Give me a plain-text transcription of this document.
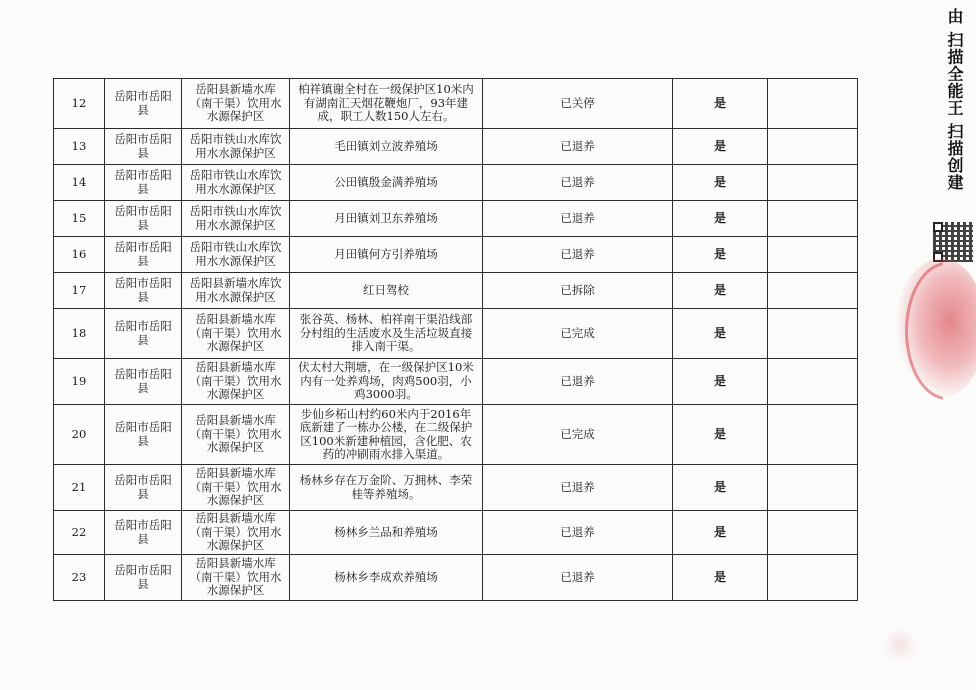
12	岳阳市岳阳县	岳阳县新墙水库（南干渠）饮用水水源保护区	柏祥镇谢全村在一级保护区10米内有湖南汇天烟花鞭炮厂，93年建成，职工人数150人左右。	已关停	是	
13	岳阳市岳阳县	岳阳市铁山水库饮用水水源保护区	毛田镇刘立波养殖场	已退养	是	
14	岳阳市岳阳县	岳阳市铁山水库饮用水水源保护区	公田镇殷金满养殖场	已退养	是	
15	岳阳市岳阳县	岳阳市铁山水库饮用水水源保护区	月田镇刘卫东养殖场	已退养	是	
16	岳阳市岳阳县	岳阳市铁山水库饮用水水源保护区	月田镇何方引养殖场	已退养	是	
17	岳阳市岳阳县	岳阳县新墙水库饮用水水源保护区	红日驾校	已拆除	是	
18	岳阳市岳阳县	岳阳县新墙水库（南干渠）饮用水水源保护区	张谷英、杨林、柏祥南干渠沿线部分村组的生活废水及生活垃圾直接排入南干渠。	已完成	是	
19	岳阳市岳阳县	岳阳县新墙水库（南干渠）饮用水水源保护区	伏太村大荆塘，在一级保护区10米内有一处养鸡场，肉鸡500羽，小鸡3000羽。	已退养	是	
20	岳阳市岳阳县	岳阳县新墙水库（南干渠）饮用水水源保护区	步仙乡柘山村约60米内于2016年底新建了一栋办公楼，在二级保护区100米新建种植园，含化肥、农药的冲刷雨水排入渠道。	已完成	是	
21	岳阳市岳阳县	岳阳县新墙水库（南干渠）饮用水水源保护区	杨林乡存在万金阶、万拥林、李荣桂等养殖场。	已退养	是	
22	岳阳市岳阳县	岳阳县新墙水库（南干渠）饮用水水源保护区	杨林乡兰品和养殖场	已退养	是	
23	岳阳市岳阳县	岳阳县新墙水库（南干渠）饮用水水源保护区	杨林乡李成欢养殖场	已退养	是	
由 扫描全能王 扫描创建
